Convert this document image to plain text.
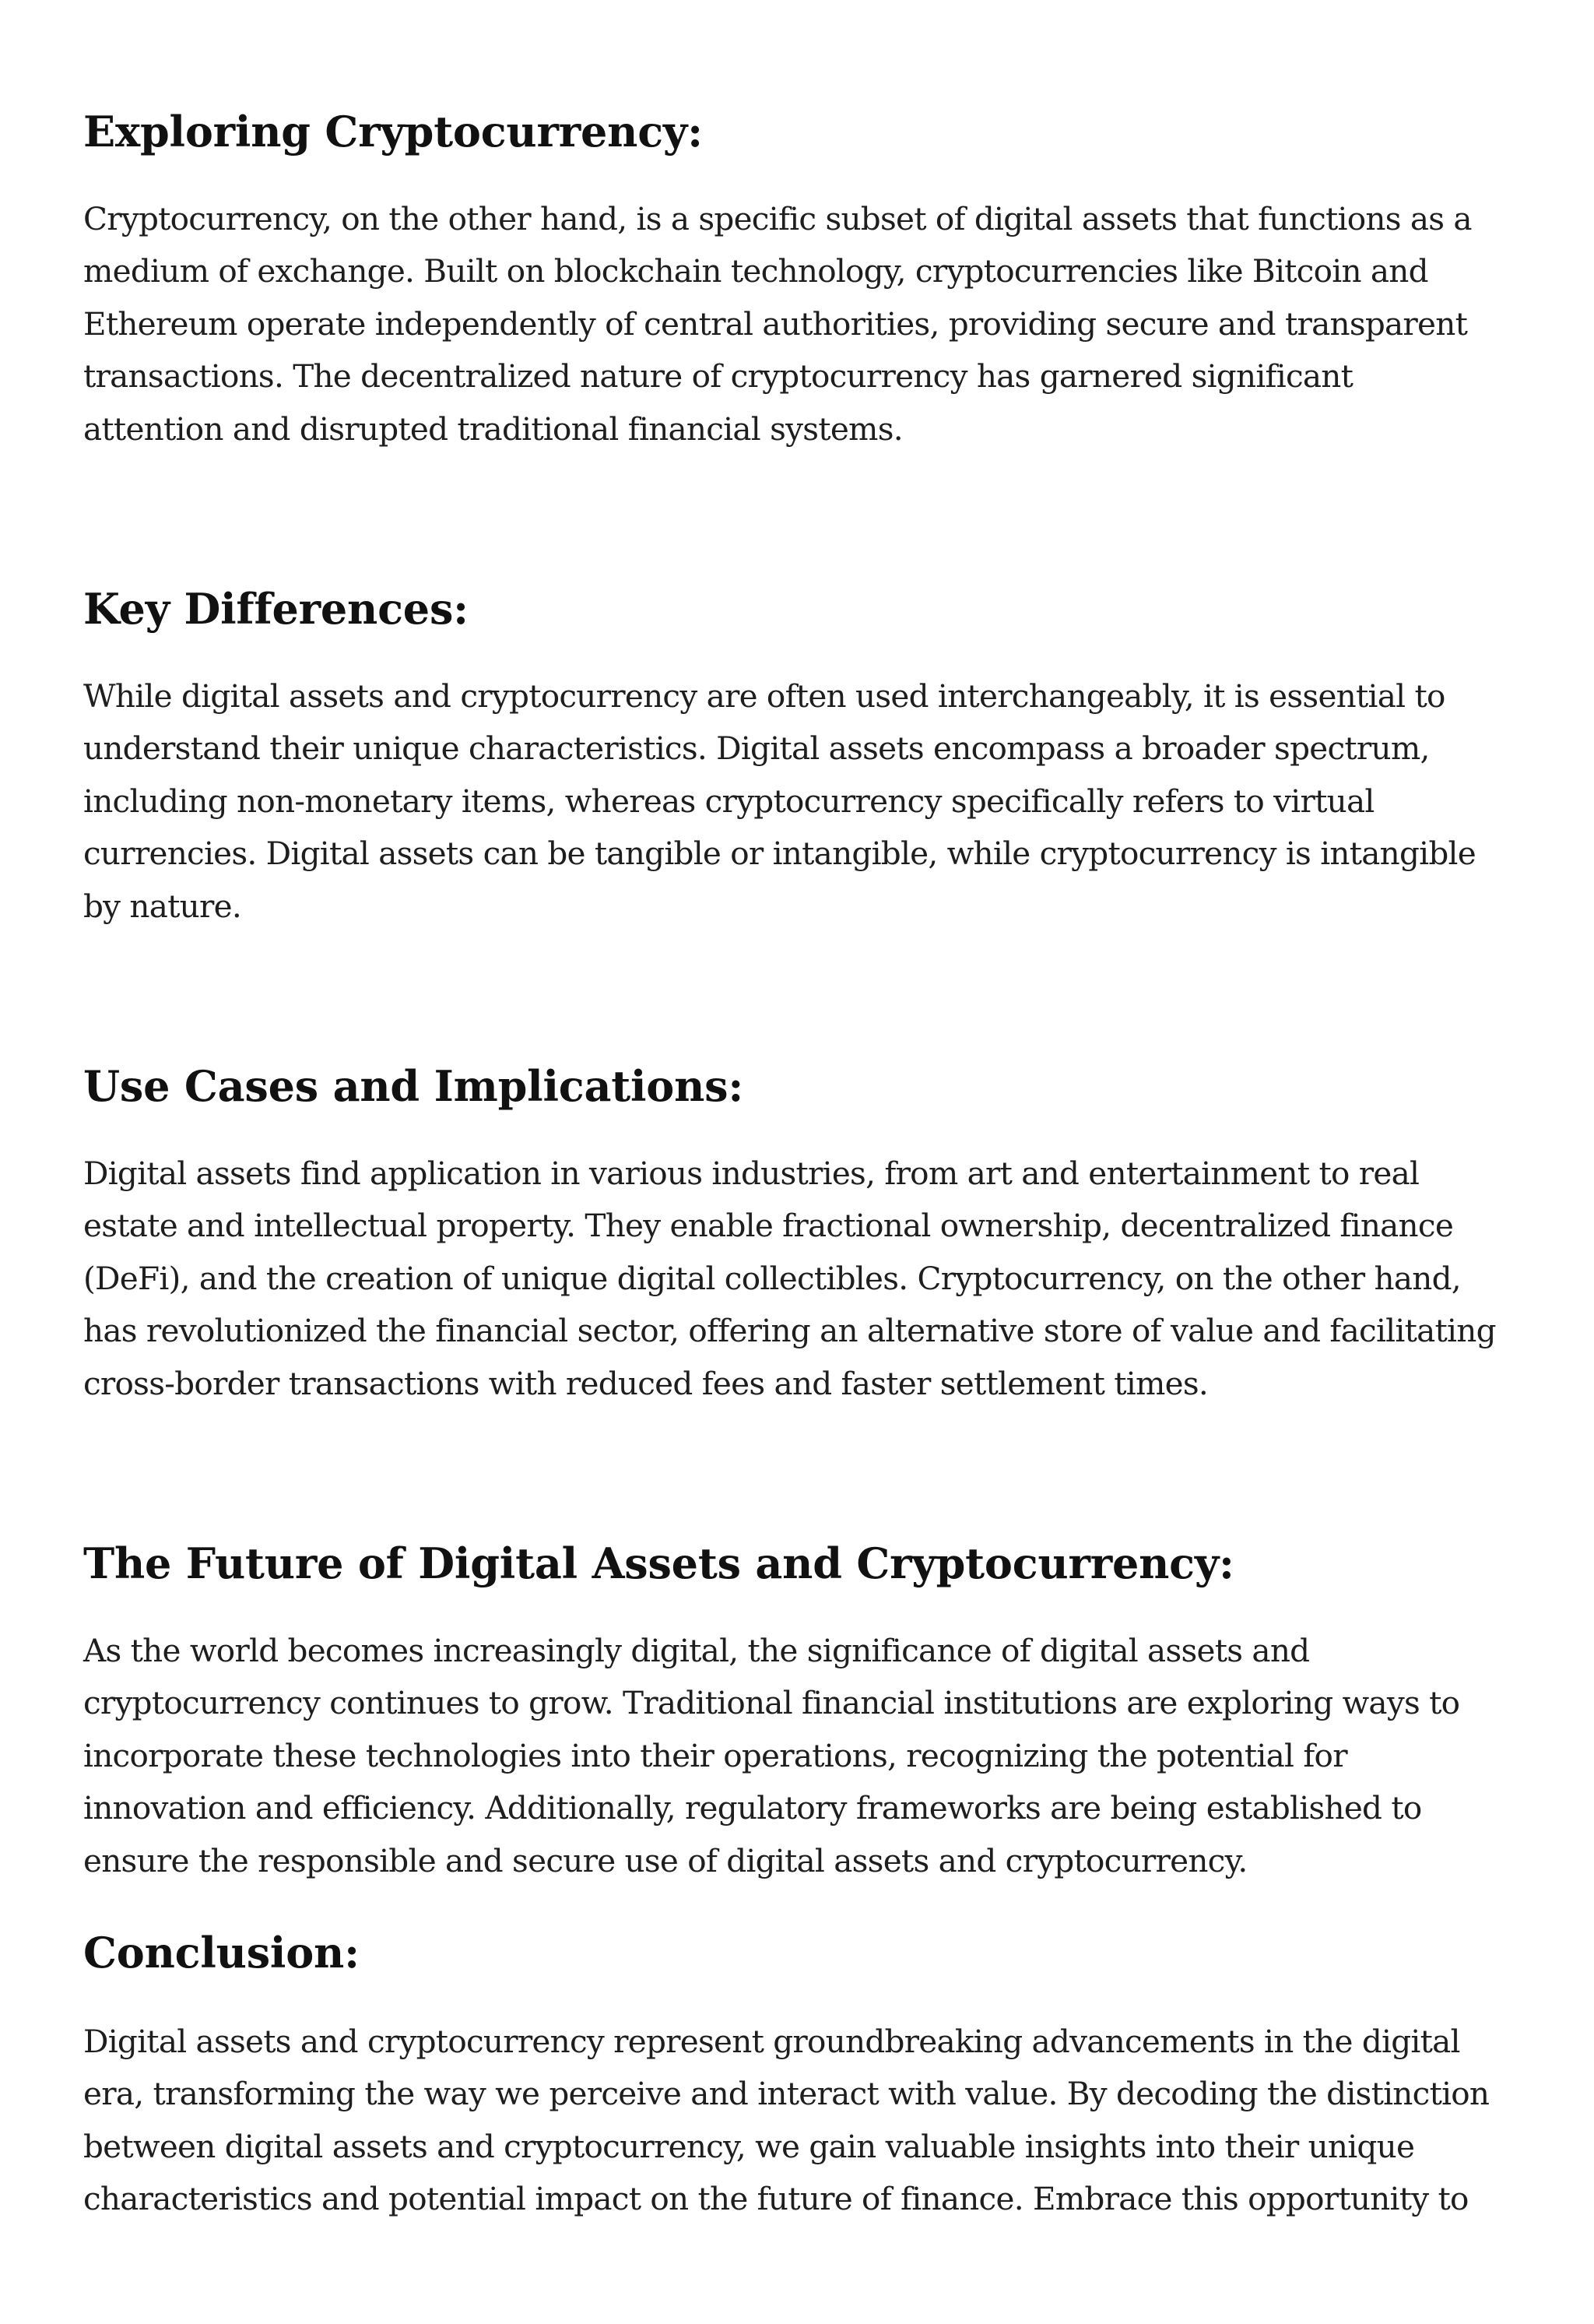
Exploring Cryptocurrency:

Cryptocurrency, on the other hand, is a specific subset of digital assets that functions as a

medium of exchange. Built on blockchain technology, cryptocurrencies like Bitcoin and

Ethereum operate independently of central authorities, providing secure and transparent

transactions. The decentralized nature of cryptocurrency has garnered significant

attention and disrupted traditional financial systems.

Key Differences:

While digital assets and cryptocurrency are often used interchangeably, it is essential to

understand their unique characteristics. Digital assets encompass a broader spectrum,

including non-monetary items, whereas cryptocurrency specifically refers to virtual

currencies. Digital assets can be tangible or intangible, while cryptocurrency is intangible

by nature.

Use Cases and Implications:

Digital assets find application in various industries, from art and entertainment to real

estate and intellectual property. They enable fractional ownership, decentralized finance

(DeFi), and the creation of unique digital collectibles. Cryptocurrency, on the other hand,

has revolutionized the financial sector, offering an alternative store of value and facilitating

cross-border transactions with reduced fees and faster settlement times.

The Future of Digital Assets and Cryptocurrency:

As the world becomes increasingly digital, the significance of digital assets and

cryptocurrency continues to grow. Traditional financial institutions are exploring ways to

incorporate these technologies into their operations, recognizing the potential for

innovation and efficiency. Additionally, regulatory frameworks are being established to

ensure the responsible and secure use of digital assets and cryptocurrency.

Conclusion:

Digital assets and cryptocurrency represent groundbreaking advancements in the digital

era, transforming the way we perceive and interact with value. By decoding the distinction

between digital assets and cryptocurrency, we gain valuable insights into their unique

characteristics and potential impact on the future of finance. Embrace this opportunity to
